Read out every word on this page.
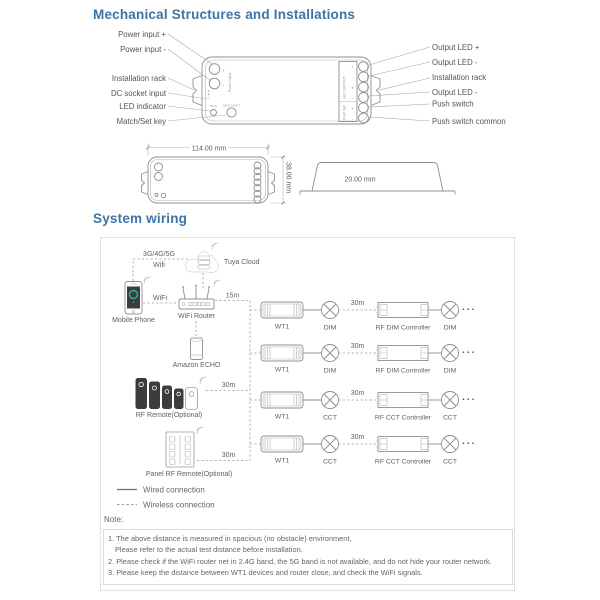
Mechanical Structures and Installations
System wiring
+
- Power Input
RUN MATCH/SET
LED OUTPUT
Push SW
+
-
+
-
+
-
Power input +
Power input -
Installation rack
DC socket input
LED indicator
Match/Set key
Output LED +
Output LED -
Installation rack
Output LED -
Push switch
Push switch common
114.00 mm
38.00 mm	20.00 mm
3G/4G/5G
Wifi
WiFi	15m
30m
30m
Tuya Cloud
Mobile Phone
WiFi Router
Amazon ECHO
RF Remote(Optional)
Panel RF Remote(Optional)
30m
WT1	DIM	RF DIM Controller DIM
···
30m
WT1	DIM	RF DIM Controller DIM
···
30m
WT1	CCT	RF CCT Controller CCT
···
30m
WT1	CCT	RF CCT Controller CCT
···
Wired connection
Wireless connection
Note:
1. The above distance is measured in spacious (no obstacle) environment,
Please refer to the actual test distance before installation.
2. Please check if the WiFi router net in 2.4G band, the 5G band is not available, and do not hide your router network.
3. Please keep the distance between WT1 devices and router close, and check the WiFi signals.
